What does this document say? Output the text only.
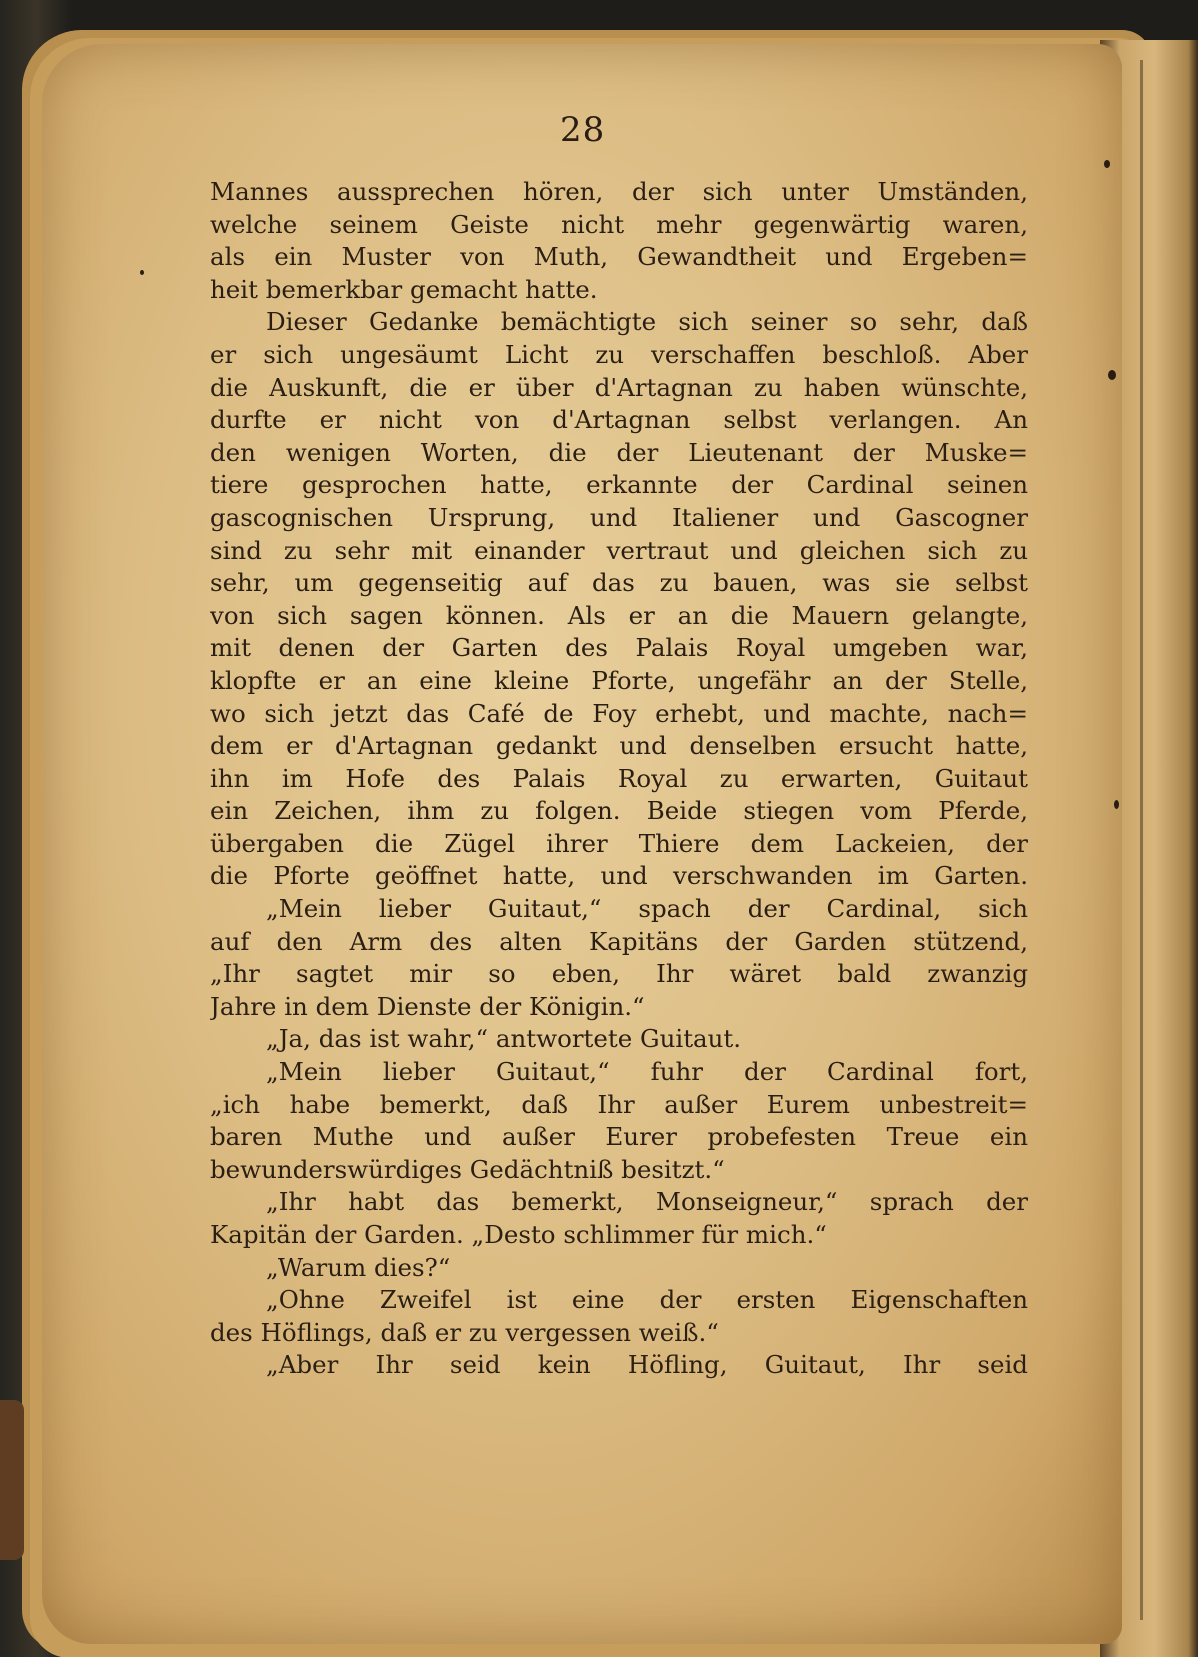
28
Mannes aussprechen hören, der sich unter Umständen,
welche seinem Geiste nicht mehr gegenwärtig waren,
als ein Muster von Muth, Gewandtheit und Ergeben=
heit bemerkbar gemacht hatte.
Dieser Gedanke bemächtigte sich seiner so sehr, daß
er sich ungesäumt Licht zu verschaffen beschloß. Aber
die Auskunft, die er über d'Artagnan zu haben wünschte,
durfte er nicht von d'Artagnan selbst verlangen. An
den wenigen Worten, die der Lieutenant der Muske=
tiere gesprochen hatte, erkannte der Cardinal seinen
gascognischen Ursprung, und Italiener und Gascogner
sind zu sehr mit einander vertraut und gleichen sich zu
sehr, um gegenseitig auf das zu bauen, was sie selbst
von sich sagen können. Als er an die Mauern gelangte,
mit denen der Garten des Palais Royal umgeben war,
klopfte er an eine kleine Pforte, ungefähr an der Stelle,
wo sich jetzt das Café de Foy erhebt, und machte, nach=
dem er d'Artagnan gedankt und denselben ersucht hatte,
ihn im Hofe des Palais Royal zu erwarten, Guitaut
ein Zeichen, ihm zu folgen. Beide stiegen vom Pferde,
übergaben die Zügel ihrer Thiere dem Lackeien, der
die Pforte geöffnet hatte, und verschwanden im Garten.
„Mein lieber Guitaut,“ spach der Cardinal, sich
auf den Arm des alten Kapitäns der Garden stützend,
„Ihr sagtet mir so eben, Ihr wäret bald zwanzig
Jahre in dem Dienste der Königin.“
„Ja, das ist wahr,“ antwortete Guitaut.
„Mein lieber Guitaut,“ fuhr der Cardinal fort,
„ich habe bemerkt, daß Ihr außer Eurem unbestreit=
baren Muthe und außer Eurer probefesten Treue ein
bewunderswürdiges Gedächtniß besitzt.“
„Ihr habt das bemerkt, Monseigneur,“ sprach der
Kapitän der Garden. „Desto schlimmer für mich.“
„Warum dies?“
„Ohne Zweifel ist eine der ersten Eigenschaften
des Höflings, daß er zu vergessen weiß.“
„Aber Ihr seid kein Höfling, Guitaut, Ihr seid
